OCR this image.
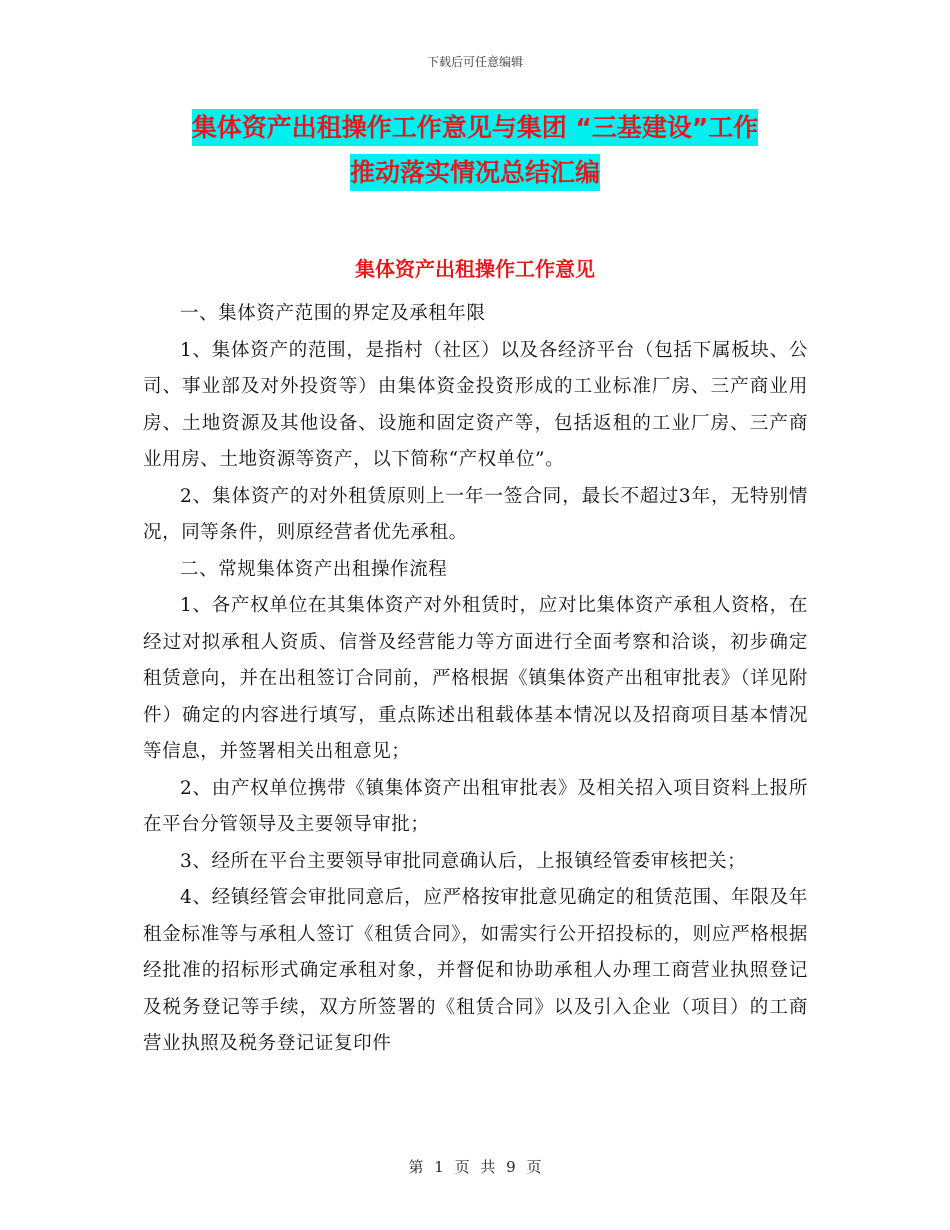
下载后可任意编辑
集体资产出租操作工作意见与集团 “三基建设”工作
推动落实情况总结汇编
集体资产出租操作工作意见

一、集体资产范围的界定及承租年限

1、集体资产的范围，是指村（社区）以及各经济平台（包括下属板块、公司、事业部及对外投资等）由集体资金投资形成的工业标准厂房、三产商业用房、土地资源及其他设备、设施和固定资产等，包括返租的工业厂房、三产商业用房、土地资源等资产，以下简称“产权单位”。

2、集体资产的对外租赁原则上一年一签合同，最长不超过3年，无特别情况，同等条件，则原经营者优先承租。

二、常规集体资产出租操作流程

1、各产权单位在其集体资产对外租赁时，应对比集体资产承租人资格，在经过对拟承租人资质、信誉及经营能力等方面进行全面考察和洽谈，初步确定租赁意向，并在出租签订合同前，严格根据《镇集体资产出租审批表》（详见附件）确定的内容进行填写，重点陈述出租载体基本情况以及招商项目基本情况等信息，并签署相关出租意见；

2、由产权单位携带《镇集体资产出租审批表》及相关招入项目资料上报所在平台分管领导及主要领导审批；

3、经所在平台主要领导审批同意确认后，上报镇经管委审核把关；

4、经镇经管会审批同意后，应严格按审批意见确定的租赁范围、年限及年租金标准等与承租人签订《租赁合同》，如需实行公开招投标的，则应严格根据经批准的招标形式确定承租对象，并督促和协助承租人办理工商营业执照登记及税务登记等手续，双方所签署的《租赁合同》以及引入企业（项目）的工商营业执照及税务登记证复印件

第 1 页 共 9 页
